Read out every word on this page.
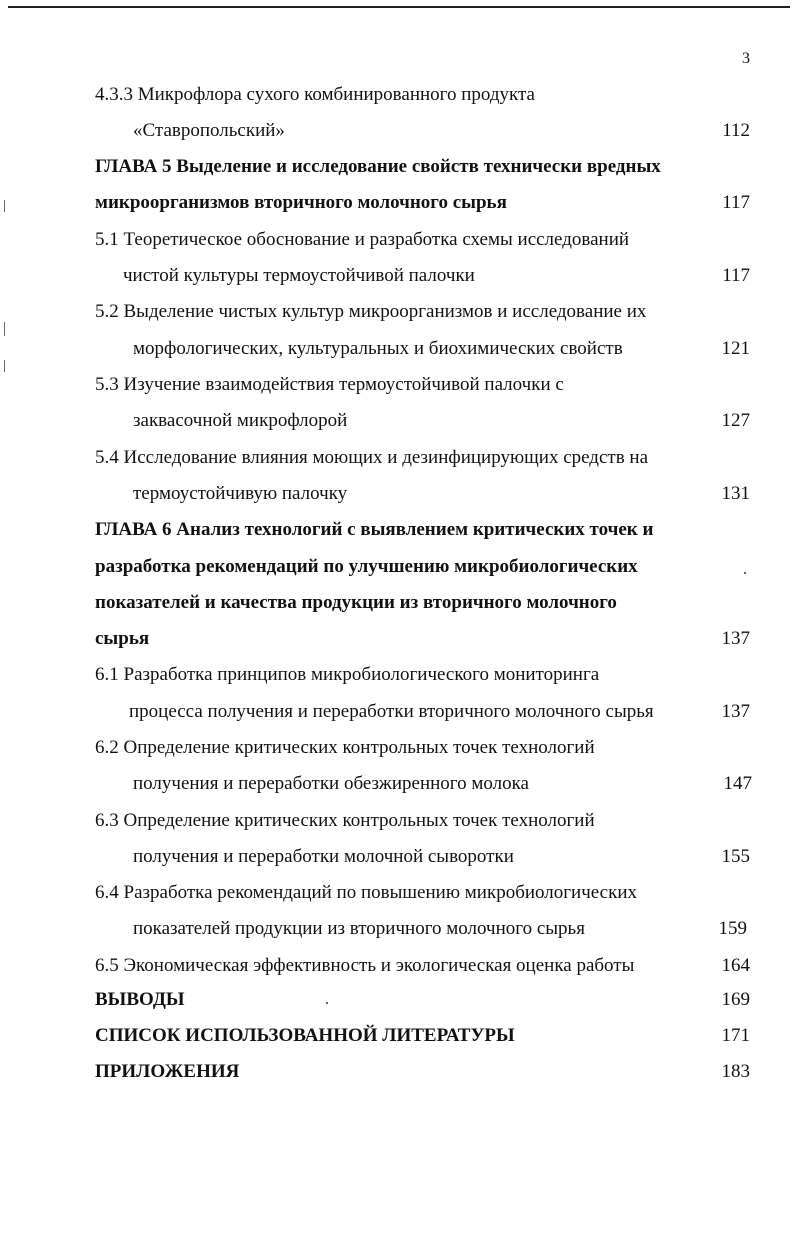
3
4.3.3 Микрофлора сухого комбинированного продукта
«Ставропольский»	112
ГЛАВА 5 Выделение и исследование свойств технически вредных
микроорганизмов вторичного молочного сырья	117
5.1 Теоретическое обоснование и разработка схемы исследований
чистой культуры термоустойчивой палочки	117
5.2 Выделение чистых культур микроорганизмов и исследование их
морфологических, культуральных и биохимических свойств	121
5.3 Изучение взаимодействия термоустойчивой палочки с
заквасочной микрофлорой	127
5.4 Исследование влияния моющих и дезинфицирующих средств на
термоустойчивую палочку	131
ГЛАВА 6 Анализ технологий с выявлением критических точек и
разработка рекомендаций по улучшению микробиологических
показателей и качества продукции из вторичного молочного
сырья	137
6.1 Разработка принципов микробиологического мониторинга
процесса получения и переработки вторичного молочного сырья	137
6.2 Определение критических контрольных точек технологий
получения и переработки обезжиренного молока	147
6.3 Определение критических контрольных точек технологий
получения и переработки молочной сыворотки	155
6.4 Разработка рекомендаций по повышению микробиологических
показателей продукции из вторичного молочного сырья	159
6.5 Экономическая эффективность и экологическая оценка работы	164
ВЫВОДЫ	169
СПИСОК ИСПОЛЬЗОВАННОЙ ЛИТЕРАТУРЫ	171
ПРИЛОЖЕНИЯ	183
